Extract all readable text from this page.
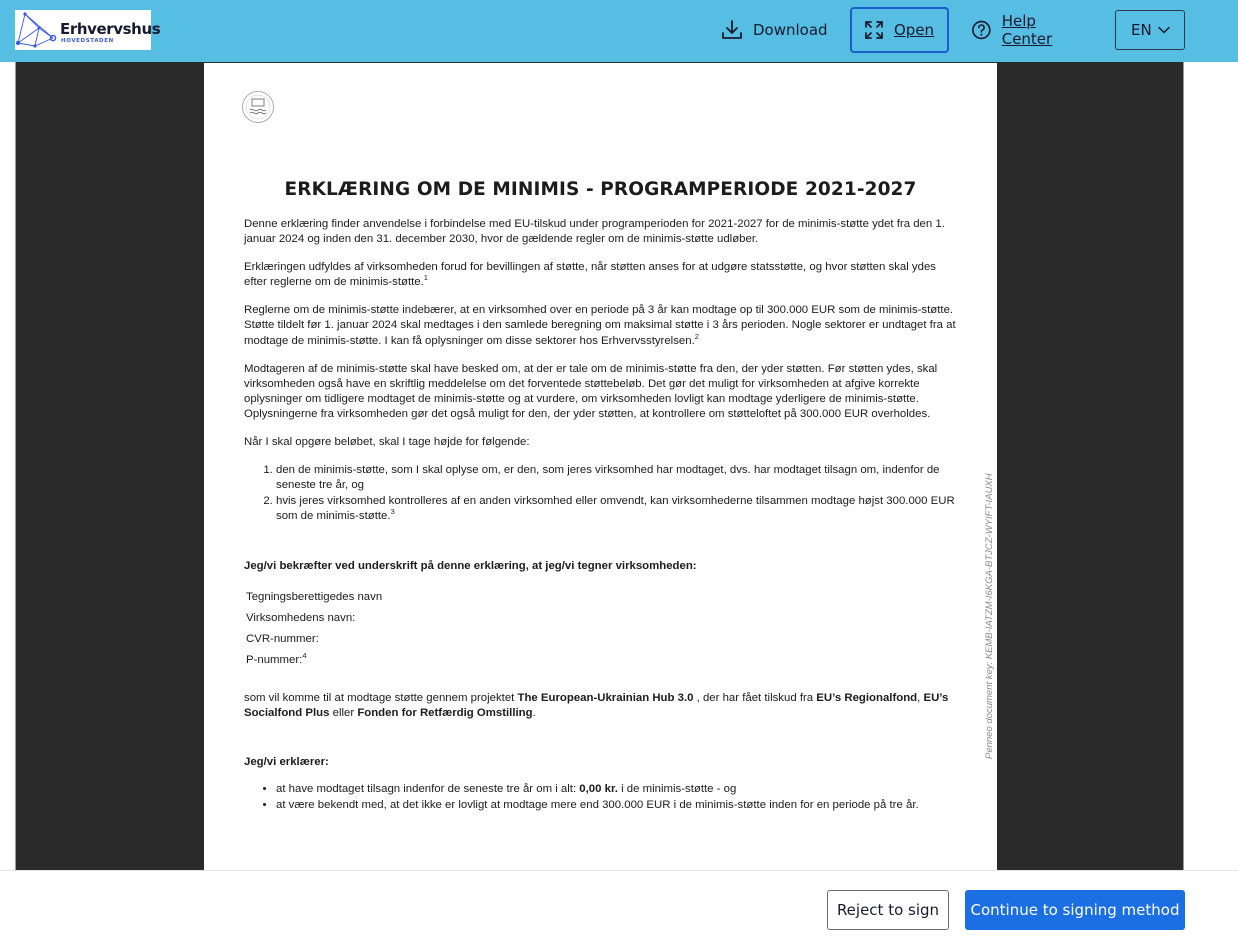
Erhvervshus
HOVEDSTADEN
Download	Open	Help Center	EN
ERKLÆRING OM DE MINIMIS - PROGRAMPERIODE 2021-2027

Denne erklæring finder anvendelse i forbindelse med EU-tilskud under programperioden for 2021-2027 for de minimis-støtte ydet fra den 1. januar 2024 og inden den 31. december 2030, hvor de gældende regler om de minimis-støtte udløber.

Erklæringen udfyldes af virksomheden forud for bevillingen af støtte, når støtten anses for at udgøre statsstøtte, og hvor støtten skal ydes efter reglerne om de minimis-støtte.$^1$

Reglerne om de minimis-støtte indebærer, at en virksomhed over en periode på 3 år kan modtage op til 300.000 EUR som de minimis-støtte. Støtte tildelt før 1. januar 2024 skal medtages i den samlede beregning om maksimal støtte i 3 års perioden. Nogle sektorer er undtaget fra at modtage de minimis-støtte. I kan få oplysninger om disse sektorer hos Erhvervsstyrelsen.$^2$

Modtageren af de minimis-støtte skal have besked om, at der er tale om de minimis-støtte fra den, der yder støtten. Før støtten ydes, skal virksomheden også have en skriftlig meddelelse om det forventede støttebeløb. Det gør det muligt for virksomheden at afgive korrekte oplysninger om tidligere modtaget de minimis-støtte og at vurdere, om virksomheden lovligt kan modtage yderligere de minimis-støtte. Oplysningerne fra virksomheden gør det også muligt for den, der yder støtten, at kontrollere om støtteloftet på 300.000 EUR overholdes.

Når I skal opgøre beløbet, skal I tage højde for følgende:

1. den de minimis-støtte, som I skal oplyse om, er den, som jeres virksomhed har modtaget, dvs. har modtaget tilsagn om, indenfor de seneste tre år, og
2. hvis jeres virksomhed kontrolleres af en anden virksomhed eller omvendt, kan virksomhederne tilsammen modtage højst 300.000 EUR som de minimis-støtte.$^3$

Jeg/vi bekræfter ved underskrift på denne erklæring, at jeg/vi tegner virksomheden:

Tegningsberettigedes navn
Virksomhedens navn:
CVR-nummer:
P-nummer:$^4$

som vil komme til at modtage støtte gennem projektet The European-Ukrainian Hub 3.0 , der har fået tilskud fra EU’s Regionalfond, EU’s Socialfond Plus eller Fonden for Retfærdig Omstilling.

Jeg/vi erklærer:

• at have modtaget tilsagn indenfor de seneste tre år om i alt: 0,00 kr. i de minimis-støtte - og
• at være bekendt med, at det ikke er lovligt at modtage mere end 300.000 EUR i de minimis-støtte inden for en periode på tre år.
Penneo document key: KEMB-IATZM-I6KGA-BTJCZ-WYIFT-IAUXH
Reject to sign	Continue to signing method
